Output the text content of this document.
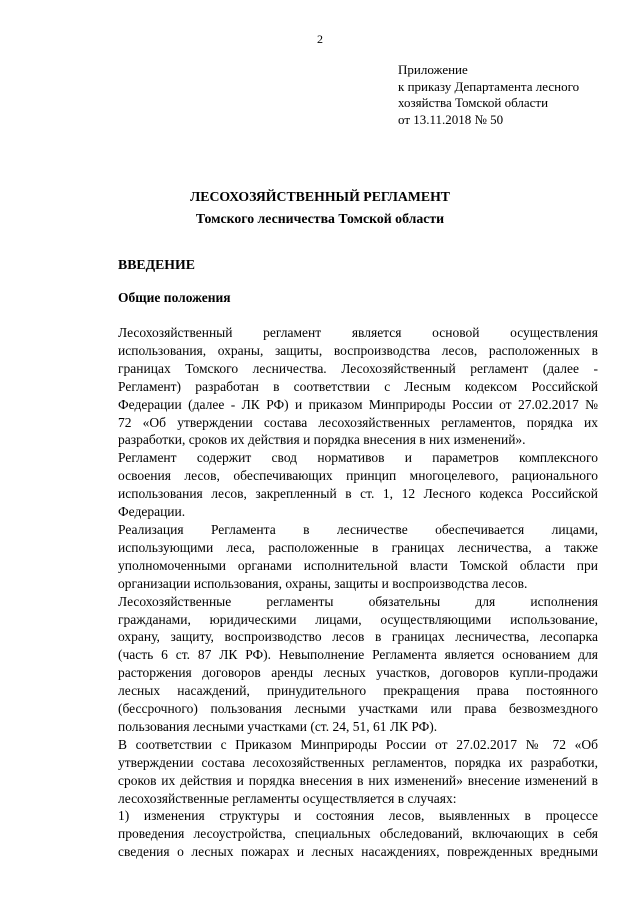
2
Приложение
к приказу Департамента лесного
хозяйства Томской области
от 13.11.2018 № 50
ЛЕСОХОЗЯЙСТВЕННЫЙ РЕГЛАМЕНТ
Томского лесничества Томской области
ВВЕДЕНИЕ
Общие положения
Лесохозяйственный регламент является основой осуществления
использования, охраны, защиты, воспроизводства лесов, расположенных в
границах Томского лесничества. Лесохозяйственный регламент (далее -
Регламент) разработан в соответствии с Лесным кодексом Российской
Федерации (далее - ЛК РФ) и приказом Минприроды России от 27.02.2017 №
72 «Об утверждении состава лесохозяйственных регламентов, порядка их
разработки, сроков их действия и порядка внесения в них изменений».
Регламент содержит свод нормативов и параметров комплексного
освоения лесов, обеспечивающих принцип многоцелевого, рационального
использования лесов, закрепленный в ст. 1, 12 Лесного кодекса Российской
Федерации.
Реализация Регламента в лесничестве обеспечивается лицами,
использующими леса, расположенные в границах лесничества, а также
уполномоченными органами исполнительной власти Томской области при
организации использования, охраны, защиты и воспроизводства лесов.
Лесохозяйственные регламенты обязательны для исполнения
гражданами, юридическими лицами, осуществляющими использование,
охрану, защиту, воспроизводство лесов в границах лесничества, лесопарка
(часть 6 ст. 87 ЛК РФ). Невыполнение Регламента является основанием для
расторжения договоров аренды лесных участков, договоров купли-продажи
лесных насаждений, принудительного прекращения права постоянного
(бессрочного) пользования лесными участками или права безвозмездного
пользования лесными участками (ст. 24, 51, 61 ЛК РФ).
В соответствии с Приказом Минприроды России от 27.02.2017 № 72 «Об
утверждении состава лесохозяйственных регламентов, порядка их разработки,
сроков их действия и порядка внесения в них изменений» внесение изменений в
лесохозяйственные регламенты осуществляется в случаях:
1) изменения структуры и состояния лесов, выявленных в процессе
проведения лесоустройства, специальных обследований, включающих в себя
сведения о лесных пожарах и лесных насаждениях, поврежденных вредными
